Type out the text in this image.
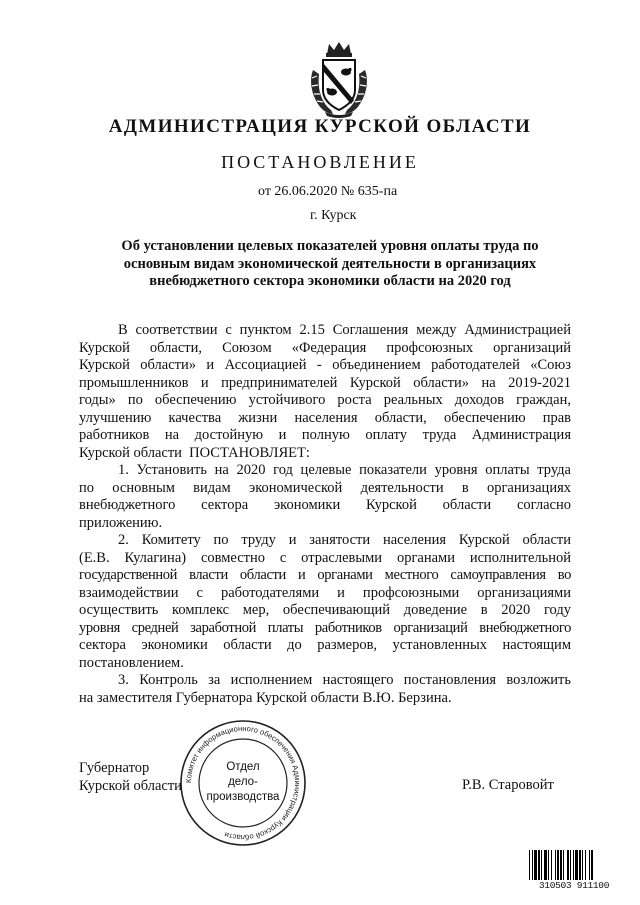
АДМИНИСТРАЦИЯ КУРСКОЙ ОБЛАСТИ
ПОСТАНОВЛЕНИЕ
от 26.06.2020 № 635-па
г. Курск
Об установлении целевых показателей уровня оплаты труда по
основным видам экономической деятельности в организациях
внебюджетного сектора экономики области на 2020 год
В соответствии с пунктом 2.15 Соглашения между Администрацией
Курской области, Союзом «Федерация профсоюзных организаций
Курской области» и Ассоциацией - объединением работодателей «Союз
промышленников и предпринимателей Курской области» на 2019-2021
годы» по обеспечению устойчивого роста реальных доходов граждан,
улучшению качества жизни населения области, обеспечению прав
работников на достойную и полную оплату труда Администрация
Курской области  ПОСТАНОВЛЯЕТ:
1. Установить на 2020 год целевые показатели уровня оплаты труда
по основным видам экономической деятельности в организациях
внебюджетного сектора экономики Курской области согласно
приложению.
2. Комитету по труду и занятости населения Курской области
(Е.В. Кулагина) совместно с отраслевыми органами исполнительной
государственной власти области и органами местного самоуправления во
взаимодействии с работодателями и профсоюзными организациями
осуществить комплекс мер, обеспечивающий доведение в 2020 году
уровня средней заработной платы работников организаций внебюджетного
сектора экономики области до размеров, установленных настоящим
постановлением.
3. Контроль за исполнением настоящего постановления возложить
на заместителя Губернатора Курской области В.Ю. Берзина.
Губернатор
Курской области	Р.В. Старовойт
Комитет информационного обеспечения Администрации Курской области
Отдел
дело-
производства
310503 911100
